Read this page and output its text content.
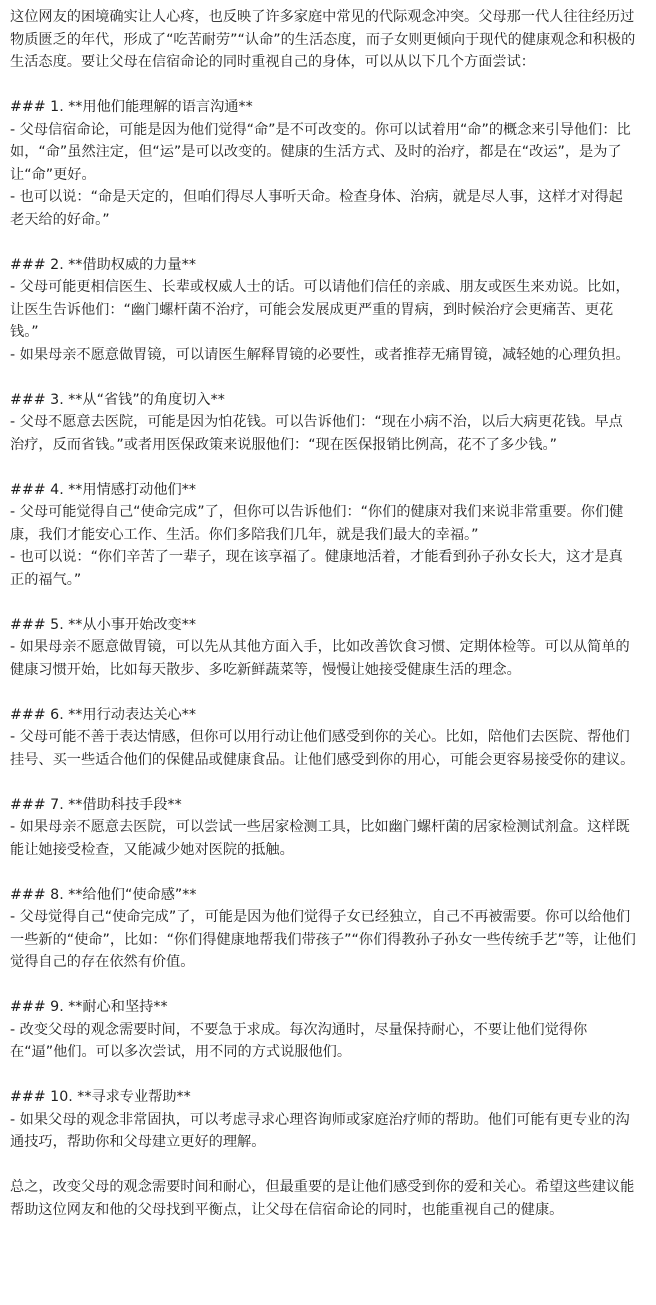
这位网友的困境确实让人心疼，也反映了许多家庭中常见的代际观念冲突。父母那一代人往往经历过物质匮乏的年代，形成了“吃苦耐劳”“认命”的生活态度，而子女则更倾向于现代的健康观念和积极的生活态度。要让父母在信宿命论的同时重视自己的身体，可以从以下几个方面尝试：

### 1. **用他们能理解的语言沟通**

- 父母信宿命论，可能是因为他们觉得“命”是不可改变的。你可以试着用“命”的概念来引导他们：比如，“命”虽然注定，但“运”是可以改变的。健康的生活方式、及时的治疗，都是在“改运”，是为了让“命”更好。

- 也可以说：“命是天定的，但咱们得尽人事听天命。检查身体、治病，就是尽人事，这样才对得起老天给的好命。”

### 2. **借助权威的力量**

- 父母可能更相信医生、长辈或权威人士的话。可以请他们信任的亲戚、朋友或医生来劝说。比如，让医生告诉他们：“幽门螺杆菌不治疗，可能会发展成更严重的胃病，到时候治疗会更痛苦、更花钱。”

- 如果母亲不愿意做胃镜，可以请医生解释胃镜的必要性，或者推荐无痛胃镜，减轻她的心理负担。

### 3. **从“省钱”的角度切入**

- 父母不愿意去医院，可能是因为怕花钱。可以告诉他们：“现在小病不治，以后大病更花钱。早点治疗，反而省钱。”或者用医保政策来说服他们：“现在医保报销比例高，花不了多少钱。”

### 4. **用情感打动他们**

- 父母可能觉得自己“使命完成”了，但你可以告诉他们：“你们的健康对我们来说非常重要。你们健康，我们才能安心工作、生活。你们多陪我们几年，就是我们最大的幸福。”

- 也可以说：“你们辛苦了一辈子，现在该享福了。健康地活着，才能看到孙子孙女长大，这才是真正的福气。”

### 5. **从小事开始改变**

- 如果母亲不愿意做胃镜，可以先从其他方面入手，比如改善饮食习惯、定期体检等。可以从简单的健康习惯开始，比如每天散步、多吃新鲜蔬菜等，慢慢让她接受健康生活的理念。

### 6. **用行动表达关心**

- 父母可能不善于表达情感，但你可以用行动让他们感受到你的关心。比如，陪他们去医院、帮他们挂号、买一些适合他们的保健品或健康食品。让他们感受到你的用心，可能会更容易接受你的建议。

### 7. **借助科技手段**

- 如果母亲不愿意去医院，可以尝试一些居家检测工具，比如幽门螺杆菌的居家检测试剂盒。这样既能让她接受检查，又能减少她对医院的抵触。

### 8. **给他们“使命感”**

- 父母觉得自己“使命完成”了，可能是因为他们觉得子女已经独立，自己不再被需要。你可以给他们一些新的“使命”，比如：“你们得健康地帮我们带孩子”“你们得教孙子孙女一些传统手艺”等，让他们觉得自己的存在依然有价值。

### 9. **耐心和坚持**

- 改变父母的观念需要时间，不要急于求成。每次沟通时，尽量保持耐心，不要让他们觉得你在“逼”他们。可以多次尝试，用不同的方式说服他们。

### 10. **寻求专业帮助**

- 如果父母的观念非常固执，可以考虑寻求心理咨询师或家庭治疗师的帮助。他们可能有更专业的沟通技巧，帮助你和父母建立更好的理解。

总之，改变父母的观念需要时间和耐心，但最重要的是让他们感受到你的爱和关心。希望这些建议能帮助这位网友和他的父母找到平衡点，让父母在信宿命论的同时，也能重视自己的健康。
